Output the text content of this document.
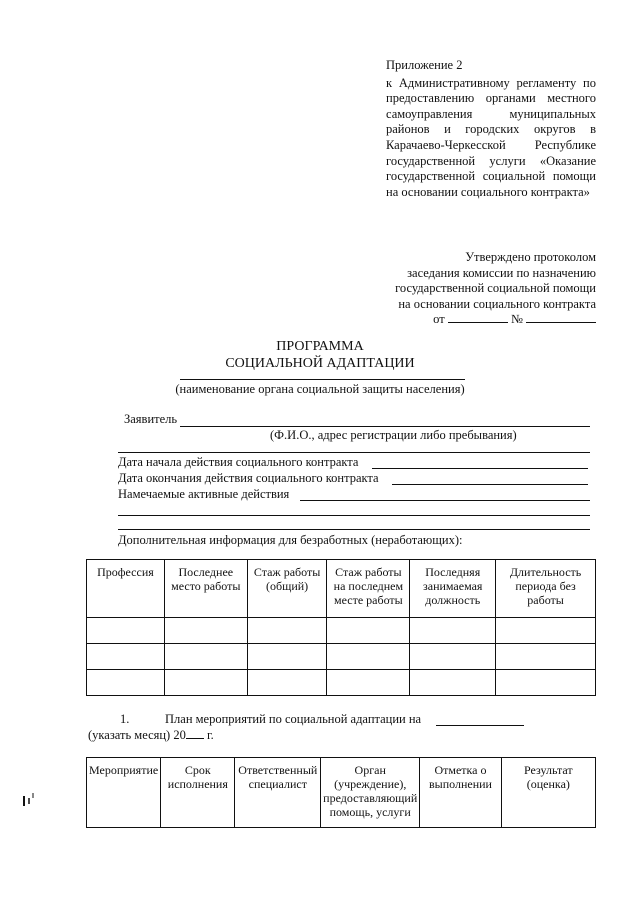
Приложение 2
к Административному регламенту по предоставлению органами местного самоуправления муниципальных районов и городских округов в Карачаево-Черкесской Республике государственной услуги «Оказание государственной социальной помощи на основании социального контракта»
Утверждено протоколом
заседания комиссии по назначению
государственной социальной помощи
на основании социального контракта
от	№
ПРОГРАММА
СОЦИАЛЬНОЙ АДАПТАЦИИ
(наименование органа социальной защиты населения)
Заявитель
(Ф.И.О., адрес регистрации либо пребывания)
Дата начала действия социального контракта
Дата окончания действия социального контракта
Намечаемые активные действия
Дополнительная информация для безработных (неработающих):
Профессия	Последнее место работы	Стаж работы (общий)	Стаж работы на последнем месте работы	Последняя занимаемая должность	Длительность периода без работы

1.	План мероприятий по социальной адаптации на
(указать месяц) 20 г.
Мероприятие	Срок исполнения	Ответственный специалист	Орган (учреждение), предоставляющий помощь, услуги	Отметка о выполнении	Результат (оценка)
